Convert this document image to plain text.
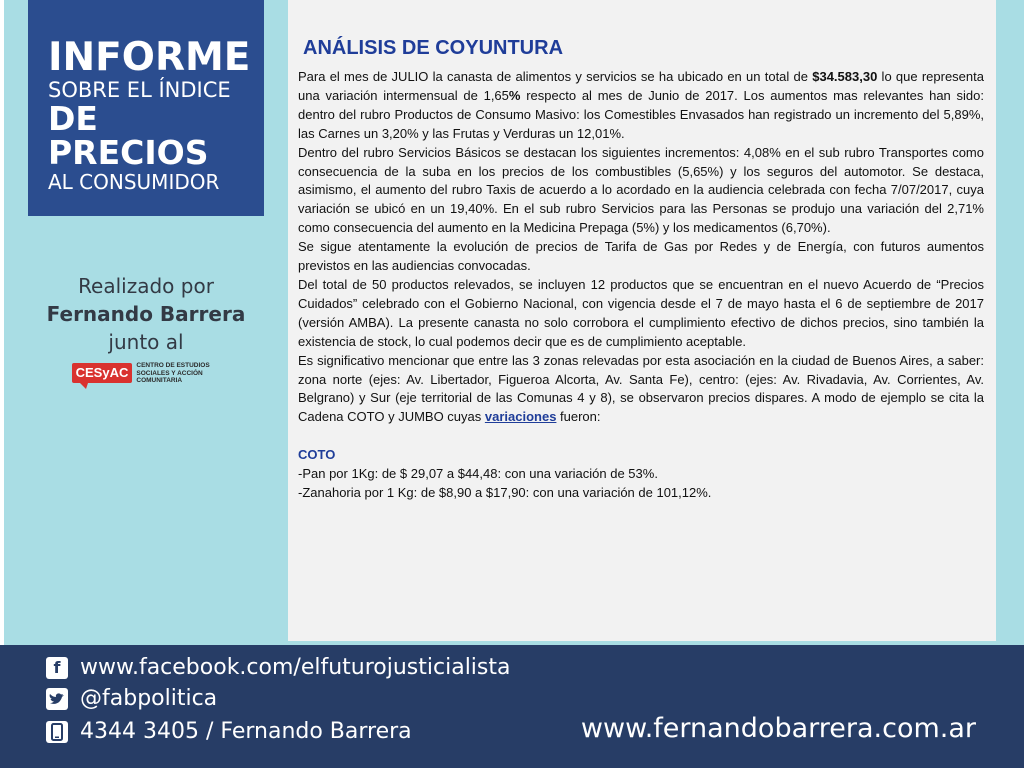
INFORME
SOBRE EL ÍNDICE
DE PRECIOS
AL CONSUMIDOR
Realizado por
Fernando Barrera
junto al
CESyAC	CENTRO DE ESTUDIOS SOCIALES Y ACCIÓN COMUNITARIA
ANÁLISIS DE COYUNTURA

Para el mes de JULIO la canasta de alimentos y servicios se ha ubicado en un total de $34.583,30 lo que representa una variación intermensual de 1,65% respecto al mes de Junio de 2017. Los aumentos mas relevantes han sido: dentro del rubro Productos de Consumo Masivo: los Comestibles Envasados han registrado un incremento del 5,89%, las Carnes un 3,20% y las Frutas y Verduras un 12,01%.

Dentro del rubro Servicios Básicos se destacan los siguientes incrementos: 4,08% en el sub rubro Transportes como consecuencia de la suba en los precios de los combustibles (5,65%) y los seguros del automotor. Se destaca, asimismo, el aumento del rubro Taxis de acuerdo a lo acordado en la audiencia celebrada con fecha 7/07/2017, cuya variación se ubicó en un 19,40%. En el sub rubro Servicios para las Personas se produjo una variación del 2,71% como consecuencia del aumento en la Medicina Prepaga (5%) y los medicamentos (6,70%).

Se sigue atentamente la evolución de precios de Tarifa de Gas por Redes y de Energía, con futuros aumentos previstos en las audiencias convocadas.

Del total de 50 productos relevados, se incluyen 12 productos que se encuentran en el nuevo Acuerdo de “Precios Cuidados” celebrado con el Gobierno Nacional, con vigencia desde el 7 de mayo hasta el 6 de septiembre de 2017 (versión AMBA). La presente canasta no solo corrobora el cumplimiento efectivo de dichos precios, sino también la existencia de stock, lo cual podemos decir que es de cumplimiento aceptable.

Es significativo mencionar que entre las 3 zonas relevadas por esta asociación en la ciudad de Buenos Aires, a saber: zona norte (ejes: Av. Libertador, Figueroa Alcorta, Av. Santa Fe), centro: (ejes: Av. Rivadavia, Av. Corrientes, Av. Belgrano) y Sur (eje territorial de las Comunas 4 y 8), se observaron precios dispares. A modo de ejemplo se cita la Cadena COTO y JUMBO cuyas variaciones fueron:

COTO

-Pan por 1Kg: de $ 29,07 a $44,48: con una variación de 53%.

-Zanahoria por 1 Kg: de $8,90 a $17,90: con una variación de 101,12%.

f www.facebook.com/elfuturojusticialista
@fabpolitica
4344 3405 / Fernando Barrera	www.fernandobarrera.com.ar
